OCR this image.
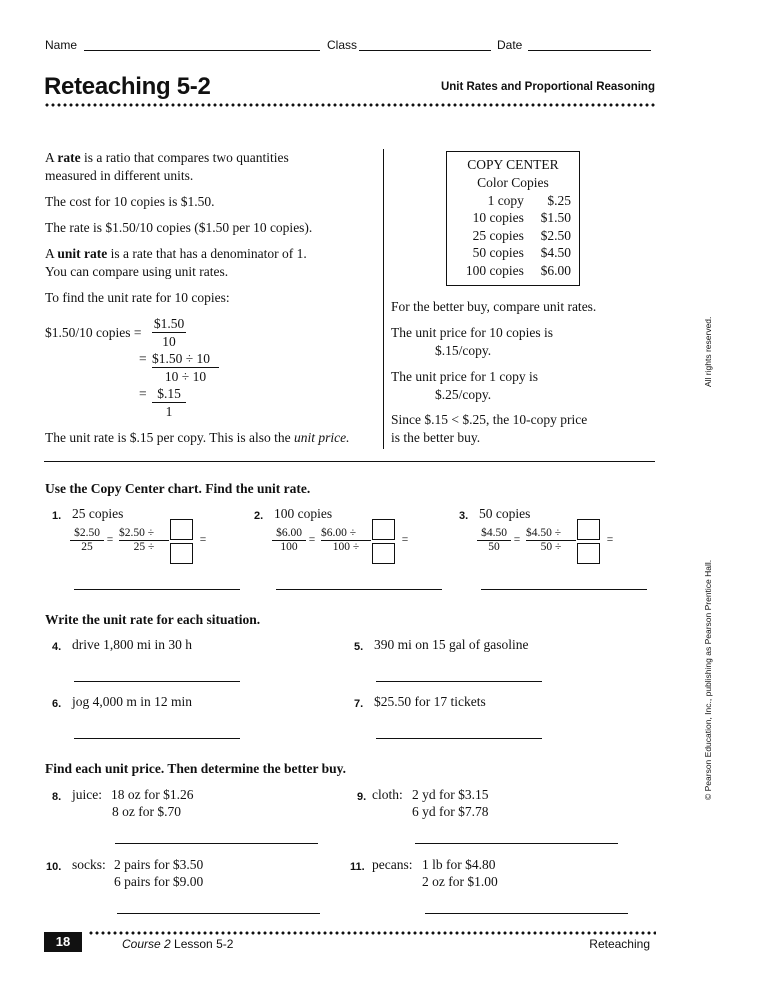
Name	Class	Date
Reteaching 5-2	Unit Rates and Proportional Reasoning
A rate is a ratio that compares two quantities
measured in different units.
The cost for 10 copies is $1.50.
The rate is $1.50/10 copies ($1.50 per 10 copies).
A unit rate is a rate that has a denominator of 1.
You can compare using unit rates.
To find the unit rate for 10 copies:
$1.50/10 copies =
$1.50
10
= $1.50 ÷ 10
10 ÷ 10
= $.15
1
The unit rate is $.15 per copy. This is also the unit price.
COPY CENTER
Color Copies
1 copy	$.25
10 copies	$1.50
25 copies	$2.50
50 copies	$4.50
100 copies	$6.00
For the better buy, compare unit rates.
The unit price for 10 copies is
$.15/copy.
The unit price for 1 copy is
$.25/copy.
Since $.15 < $.25, the 10-copy price
is the better buy.
Use the Copy Center chart. Find the unit rate.
1. 25 copies
$2.50
25
=
$2.50 ÷
25 ÷
=
2. 100 copies
$6.00
100
=
$6.00 ÷
100 ÷
=
3. 50 copies
$4.50
50
=
$4.50 ÷
50 ÷
=
Write the unit rate for each situation.
4. drive 1,800 mi in 30 h	5. 390 mi on 15 gal of gasoline
6. jog 4,000 m in 12 min	7. $25.50 for 17 tickets
Find each unit price. Then determine the better buy.
8. juice: 18 oz for $1.26
8 oz for $.70
9. cloth: 2 yd for $3.15
6 yd for $7.78
10. socks: 2 pairs for $3.50
6 pairs for $9.00
11. pecans: 1 lb for $4.80
2 oz for $1.00
18	Course 2 Lesson 5-2	Reteaching
All rights reserved.
© Pearson Education, Inc., publishing as Pearson Prentice Hall.
